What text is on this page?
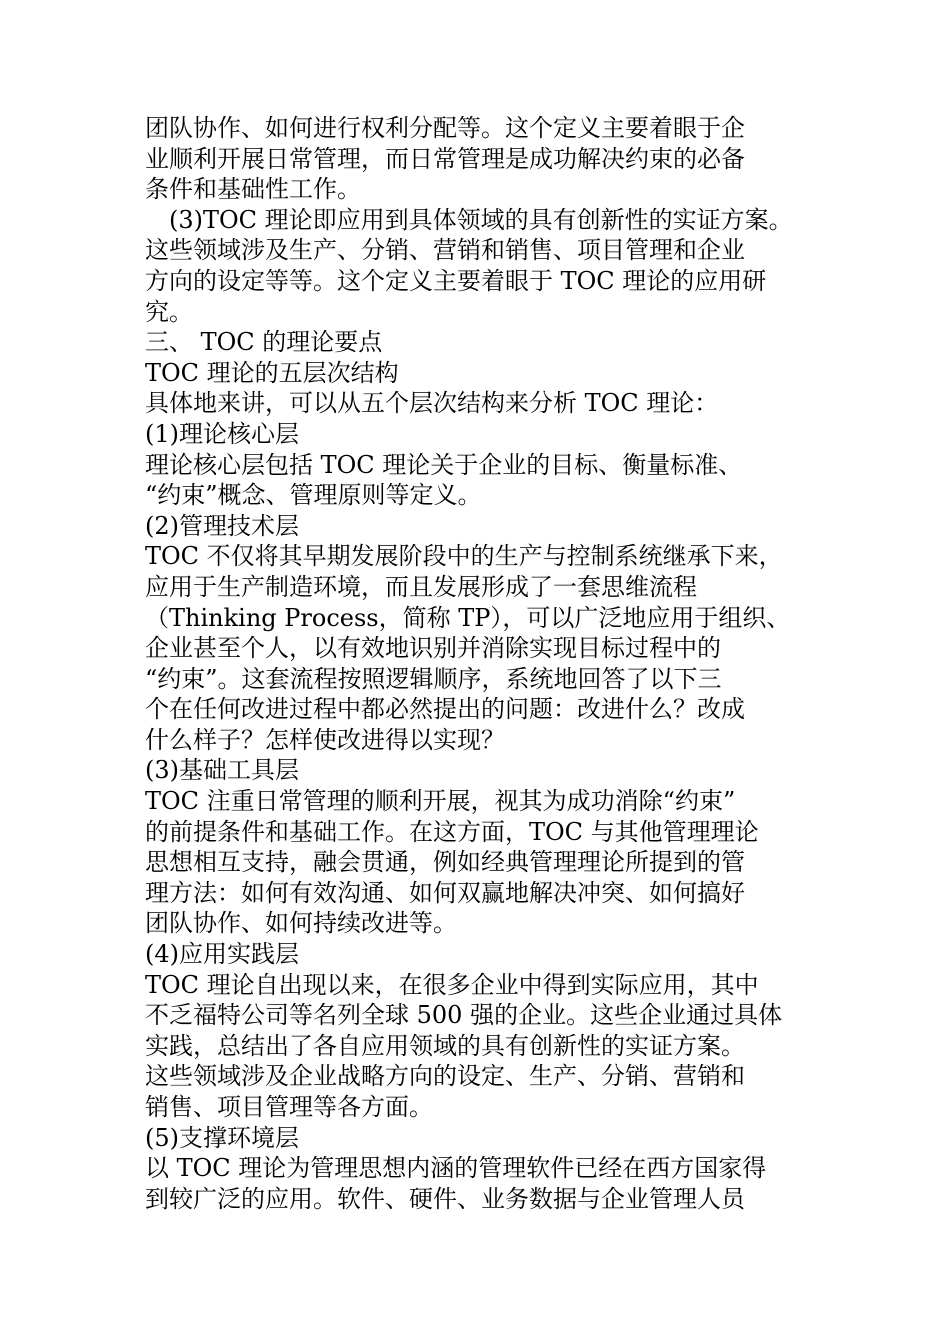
团队协作、如何进行权利分配等。这个定义主要着眼于企
业顺利开展日常管理，而日常管理是成功解决约束的必备
条件和基础性工作。
(3)TOC 理论即应用到具体领域的具有创新性的实证方案。
这些领域涉及生产、分销、营销和销售、项目管理和企业
方向的设定等等。这个定义主要着眼于 TOC 理论的应用研
究。
三、 TOC 的理论要点
TOC 理论的五层次结构
具体地来讲，可以从五个层次结构来分析 TOC 理论：
(1)理论核心层
理论核心层包括 TOC 理论关于企业的目标、衡量标准、
“约束”概念、管理原则等定义。
(2)管理技术层
TOC 不仅将其早期发展阶段中的生产与控制系统继承下来，
应用于生产制造环境，而且发展形成了一套思维流程
（Thinking Process，简称 TP），可以广泛地应用于组织、
企业甚至个人，以有效地识别并消除实现目标过程中的
“约束”。这套流程按照逻辑顺序，系统地回答了以下三
个在任何改进过程中都必然提出的问题：改进什么？改成
什么样子？怎样使改进得以实现？
(3)基础工具层
TOC 注重日常管理的顺利开展，视其为成功消除“约束”
的前提条件和基础工作。在这方面，TOC 与其他管理理论
思想相互支持，融会贯通，例如经典管理理论所提到的管
理方法：如何有效沟通、如何双赢地解决冲突、如何搞好
团队协作、如何持续改进等。
(4)应用实践层
TOC 理论自出现以来，在很多企业中得到实际应用，其中
不乏福特公司等名列全球 500 强的企业。这些企业通过具体
实践，总结出了各自应用领域的具有创新性的实证方案。
这些领域涉及企业战略方向的设定、生产、分销、营销和
销售、项目管理等各方面。
(5)支撑环境层
以 TOC 理论为管理思想内涵的管理软件已经在西方国家得
到较广泛的应用。软件、硬件、业务数据与企业管理人员
